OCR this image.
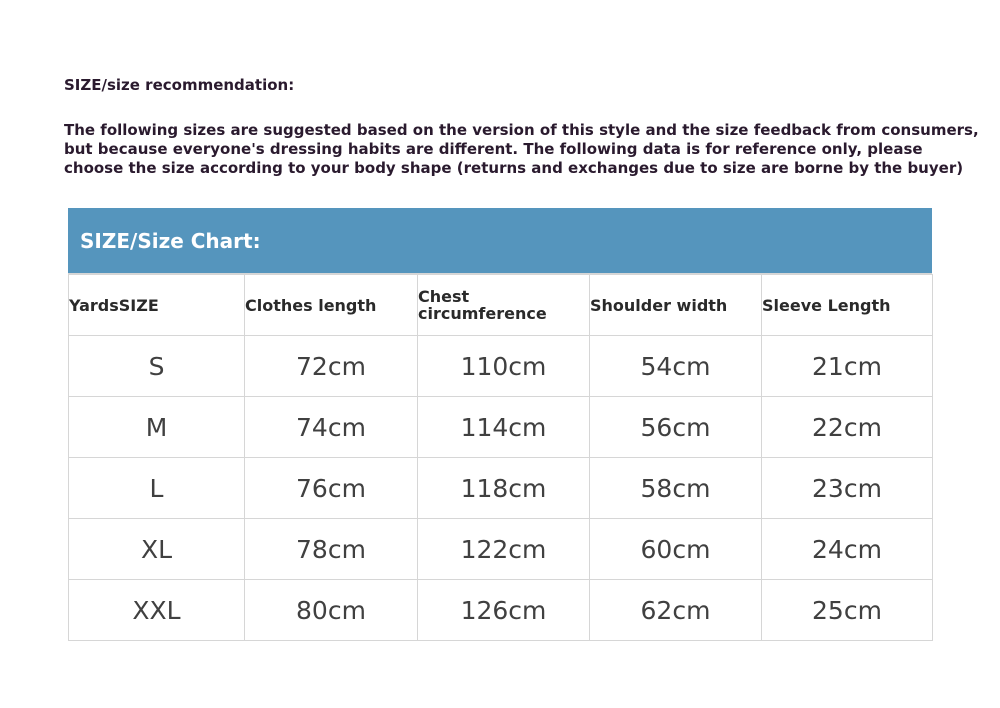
SIZE/size recommendation:
The following sizes are suggested based on the version of this style and the size feedback from consumers,
but because everyone's dressing habits are different. The following data is for reference only, please
choose the size according to your body shape (returns and exchanges due to size are borne by the buyer)
SIZE/Size Chart:
YardsSIZE	Clothes length	Chest circumference	Shoulder width	Sleeve Length
S	72cm	110cm	54cm	21cm
M	74cm	114cm	56cm	22cm
L	76cm	118cm	58cm	23cm
XL	78cm	122cm	60cm	24cm
XXL	80cm	126cm	62cm	25cm
